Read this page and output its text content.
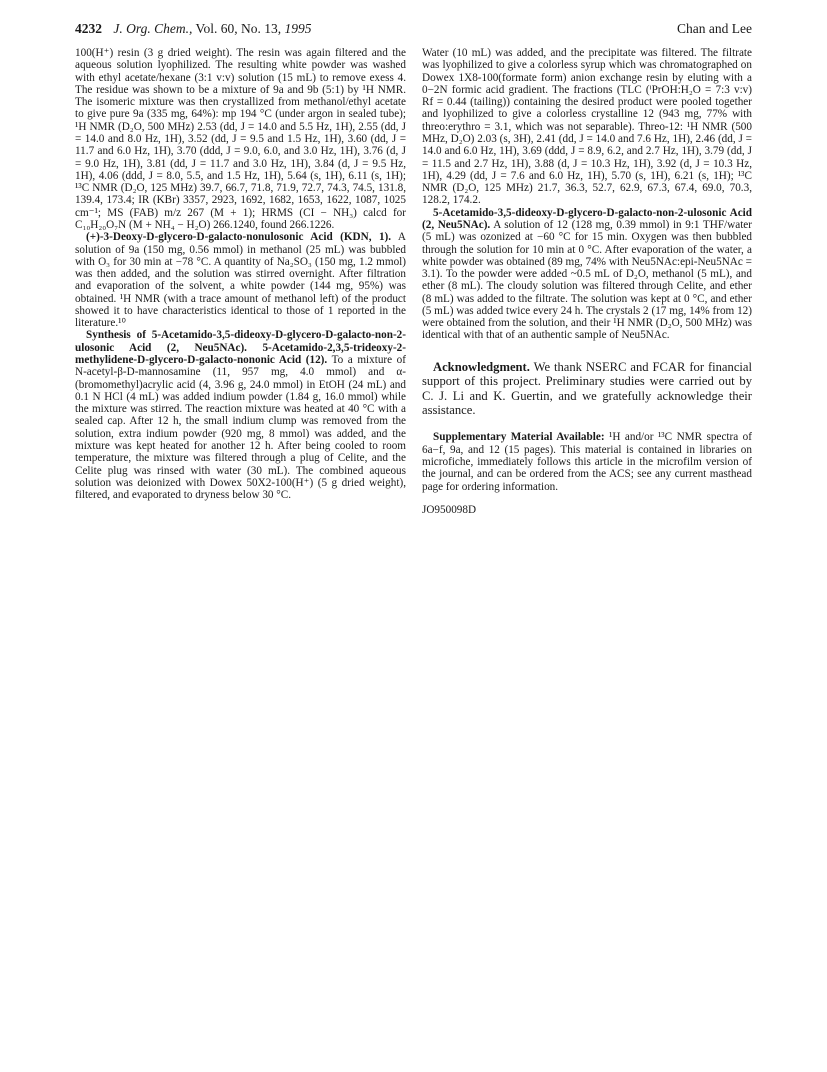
4232 J. Org. Chem., Vol. 60, No. 13, 1995	Chan and Lee

100(H⁺) resin (3 g dried weight). The resin was again filtered and the aqueous solution lyophilized. The resulting white powder was washed with ethyl acetate/hexane (3:1 v:v) solution (15 mL) to remove exess 4. The residue was shown to be a mixture of 9a and 9b (5:1) by ¹H NMR. The isomeric mixture was then crystallized from methanol/ethyl acetate to give pure 9a (335 mg, 64%): mp 194 °C (under argon in sealed tube); ¹H NMR (D₂O, 500 MHz) 2.53 (dd, J = 14.0 and 5.5 Hz, 1H), 2.55 (dd, J = 14.0 and 8.0 Hz, 1H), 3.52 (dd, J = 9.5 and 1.5 Hz, 1H), 3.60 (dd, J = 11.7 and 6.0 Hz, 1H), 3.70 (ddd, J = 9.0, 6.0, and 3.0 Hz, 1H), 3.76 (d, J = 9.0 Hz, 1H), 3.81 (dd, J = 11.7 and 3.0 Hz, 1H), 3.84 (d, J = 9.5 Hz, 1H), 4.06 (ddd, J = 8.0, 5.5, and 1.5 Hz, 1H), 5.64 (s, 1H), 6.11 (s, 1H); ¹³C NMR (D₂O, 125 MHz) 39.7, 66.7, 71.8, 71.9, 72.7, 74.3, 74.5, 131.8, 139.4, 173.4; IR (KBr) 3357, 2923, 1692, 1682, 1653, 1622, 1087, 1025 cm⁻¹; MS (FAB) m/z 267 (M + 1); HRMS (CI − NH₃) calcd for C₁₀H₂₀O₇N (M + NH₄ − H₂O) 266.1240, found 266.1226.

(+)-3-Deoxy-D-glycero-D-galacto-nonulosonic Acid (KDN, 1). A solution of 9a (150 mg, 0.56 mmol) in methanol (25 mL) was bubbled with O₃ for 30 min at −78 °C. A quantity of Na₂SO₃ (150 mg, 1.2 mmol) was then added, and the solution was stirred overnight. After filtration and evaporation of the solvent, a white powder (144 mg, 95%) was obtained. ¹H NMR (with a trace amount of methanol left) of the product showed it to have characteristics identical to those of 1 reported in the literature.¹⁰

Synthesis of 5-Acetamido-3,5-dideoxy-D-glycero-D-galacto-non-2-ulosonic Acid (2, Neu5NAc). 5-Acetamido-2,3,5-trideoxy-2-methylidene-D-glycero-D-galacto-nononic Acid (12). To a mixture of N-acetyl-β-D-mannosamine (11, 957 mg, 4.0 mmol) and α-(bromomethyl)acrylic acid (4, 3.96 g, 24.0 mmol) in EtOH (24 mL) and 0.1 N HCl (4 mL) was added indium powder (1.84 g, 16.0 mmol) while the mixture was stirred. The reaction mixture was heated at 40 °C with a sealed cap. After 12 h, the small indium clump was removed from the solution, extra indium powder (920 mg, 8 mmol) was added, and the mixture was kept heated for another 12 h. After being cooled to room temperature, the mixture was filtered through a plug of Celite, and the Celite plug was rinsed with water (30 mL). The combined aqueous solution was deionized with Dowex 50X2-100(H⁺) (5 g dried weight), filtered, and evaporated to dryness below 30 °C.

Water (10 mL) was added, and the precipitate was filtered. The filtrate was lyophilized to give a colorless syrup which was chromatographed on Dowex 1X8-100(formate form) anion exchange resin by eluting with a 0−2N formic acid gradient. The fractions (TLC (ⁱPrOH:H₂O = 7:3 v:v) Rf = 0.44 (tailing)) containing the desired product were pooled together and lyophilized to give a colorless crystalline 12 (943 mg, 77% with threo:erythro = 3.1, which was not separable). Threo-12: ¹H NMR (500 MHz, D₂O) 2.03 (s, 3H), 2.41 (dd, J = 14.0 and 7.6 Hz, 1H), 2.46 (dd, J = 14.0 and 6.0 Hz, 1H), 3.69 (ddd, J = 8.9, 6.2, and 2.7 Hz, 1H), 3.79 (dd, J = 11.5 and 2.7 Hz, 1H), 3.88 (d, J = 10.3 Hz, 1H), 3.92 (d, J = 10.3 Hz, 1H), 4.29 (dd, J = 7.6 and 6.0 Hz, 1H), 5.70 (s, 1H), 6.21 (s, 1H); ¹³C NMR (D₂O, 125 MHz) 21.7, 36.3, 52.7, 62.9, 67.3, 67.4, 69.0, 70.3, 128.2, 174.2.

5-Acetamido-3,5-dideoxy-D-glycero-D-galacto-non-2-ulosonic Acid (2, Neu5NAc). A solution of 12 (128 mg, 0.39 mmol) in 9:1 THF/water (5 mL) was ozonized at −60 °C for 15 min. Oxygen was then bubbled through the solution for 10 min at 0 °C. After evaporation of the water, a white powder was obtained (89 mg, 74% with Neu5NAc:epi-Neu5NAc = 3.1). To the powder were added ~0.5 mL of D₂O, methanol (5 mL), and ether (8 mL). The cloudy solution was filtered through Celite, and ether (8 mL) was added to the filtrate. The solution was kept at 0 °C, and ether (5 mL) was added twice every 24 h. The crystals 2 (17 mg, 14% from 12) were obtained from the solution, and their ¹H NMR (D₂O, 500 MHz) was identical with that of an authentic sample of Neu5NAc.

Acknowledgment. We thank NSERC and FCAR for financial support of this project. Preliminary studies were carried out by C. J. Li and K. Guertin, and we gratefully acknowledge their assistance.

Supplementary Material Available: ¹H and/or ¹³C NMR spectra of 6a−f, 9a, and 12 (15 pages). This material is contained in libraries on microfiche, immediately follows this article in the microfilm version of the journal, and can be ordered from the ACS; see any current masthead page for ordering information.

JO950098D
